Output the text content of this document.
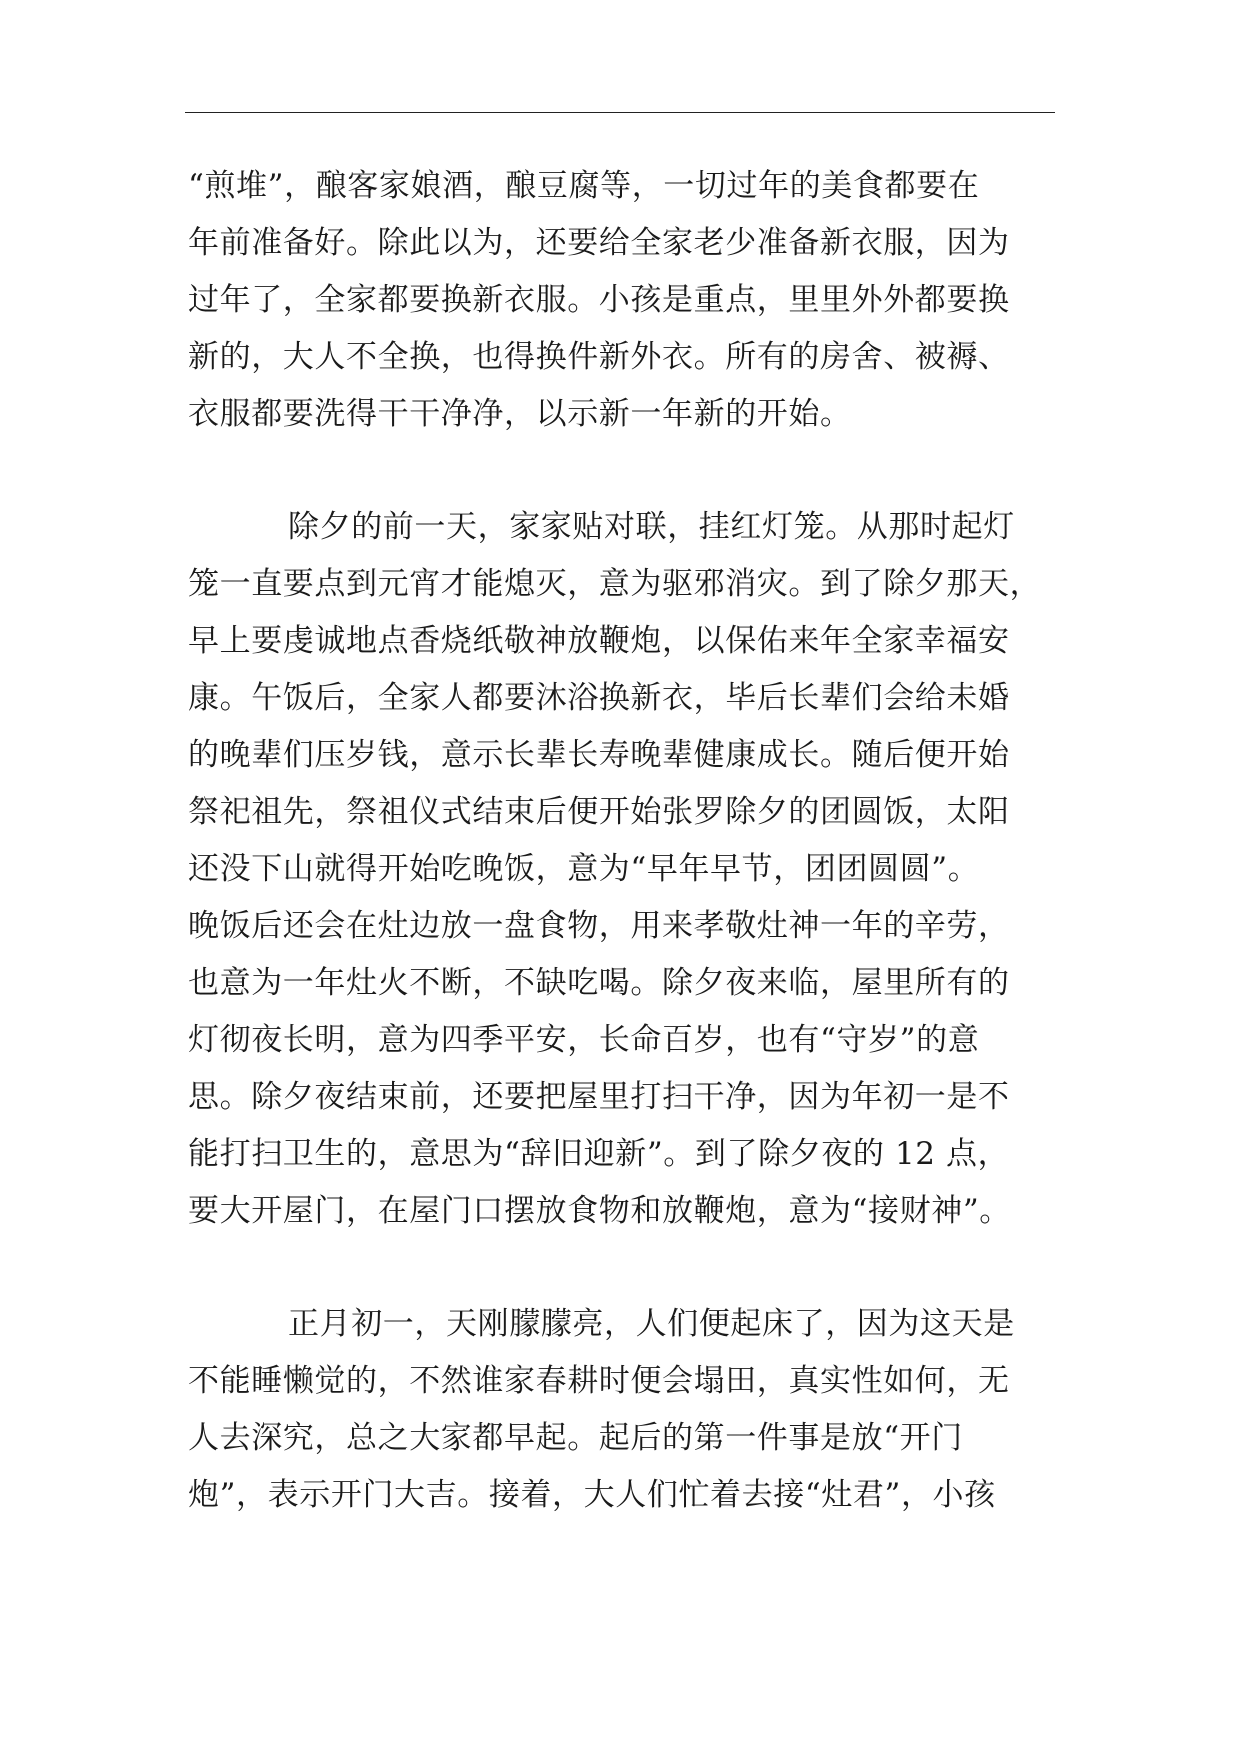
“煎堆”，酿客家娘酒，酿豆腐等，一切过年的美食都要在
年前准备好。除此以为，还要给全家老少准备新衣服，因为
过年了，全家都要换新衣服。小孩是重点，里里外外都要换
新的，大人不全换，也得换件新外衣。所有的房舍、被褥、
衣服都要洗得干干净净，以示新一年新的开始。
除夕的前一天，家家贴对联，挂红灯笼。从那时起灯
笼一直要点到元宵才能熄灭，意为驱邪消灾。到了除夕那天，
早上要虔诚地点香烧纸敬神放鞭炮，以保佑来年全家幸福安
康。午饭后，全家人都要沐浴换新衣，毕后长辈们会给未婚
的晚辈们压岁钱，意示长辈长寿晚辈健康成长。随后便开始
祭祀祖先，祭祖仪式结束后便开始张罗除夕的团圆饭，太阳
还没下山就得开始吃晚饭，意为“早年早节，团团圆圆”。
晚饭后还会在灶边放一盘食物，用来孝敬灶神一年的辛劳，
也意为一年灶火不断，不缺吃喝。除夕夜来临，屋里所有的
灯彻夜长明，意为四季平安，长命百岁，也有“守岁”的意
思。除夕夜结束前，还要把屋里打扫干净，因为年初一是不
能打扫卫生的，意思为“辞旧迎新”。到了除夕夜的 12 点，
要大开屋门，在屋门口摆放食物和放鞭炮，意为“接财神”。
正月初一，天刚朦朦亮，人们便起床了，因为这天是
不能睡懒觉的，不然谁家春耕时便会塌田，真实性如何，无
人去深究，总之大家都早起。起后的第一件事是放“开门
炮”，表示开门大吉。接着，大人们忙着去接“灶君”，小孩
